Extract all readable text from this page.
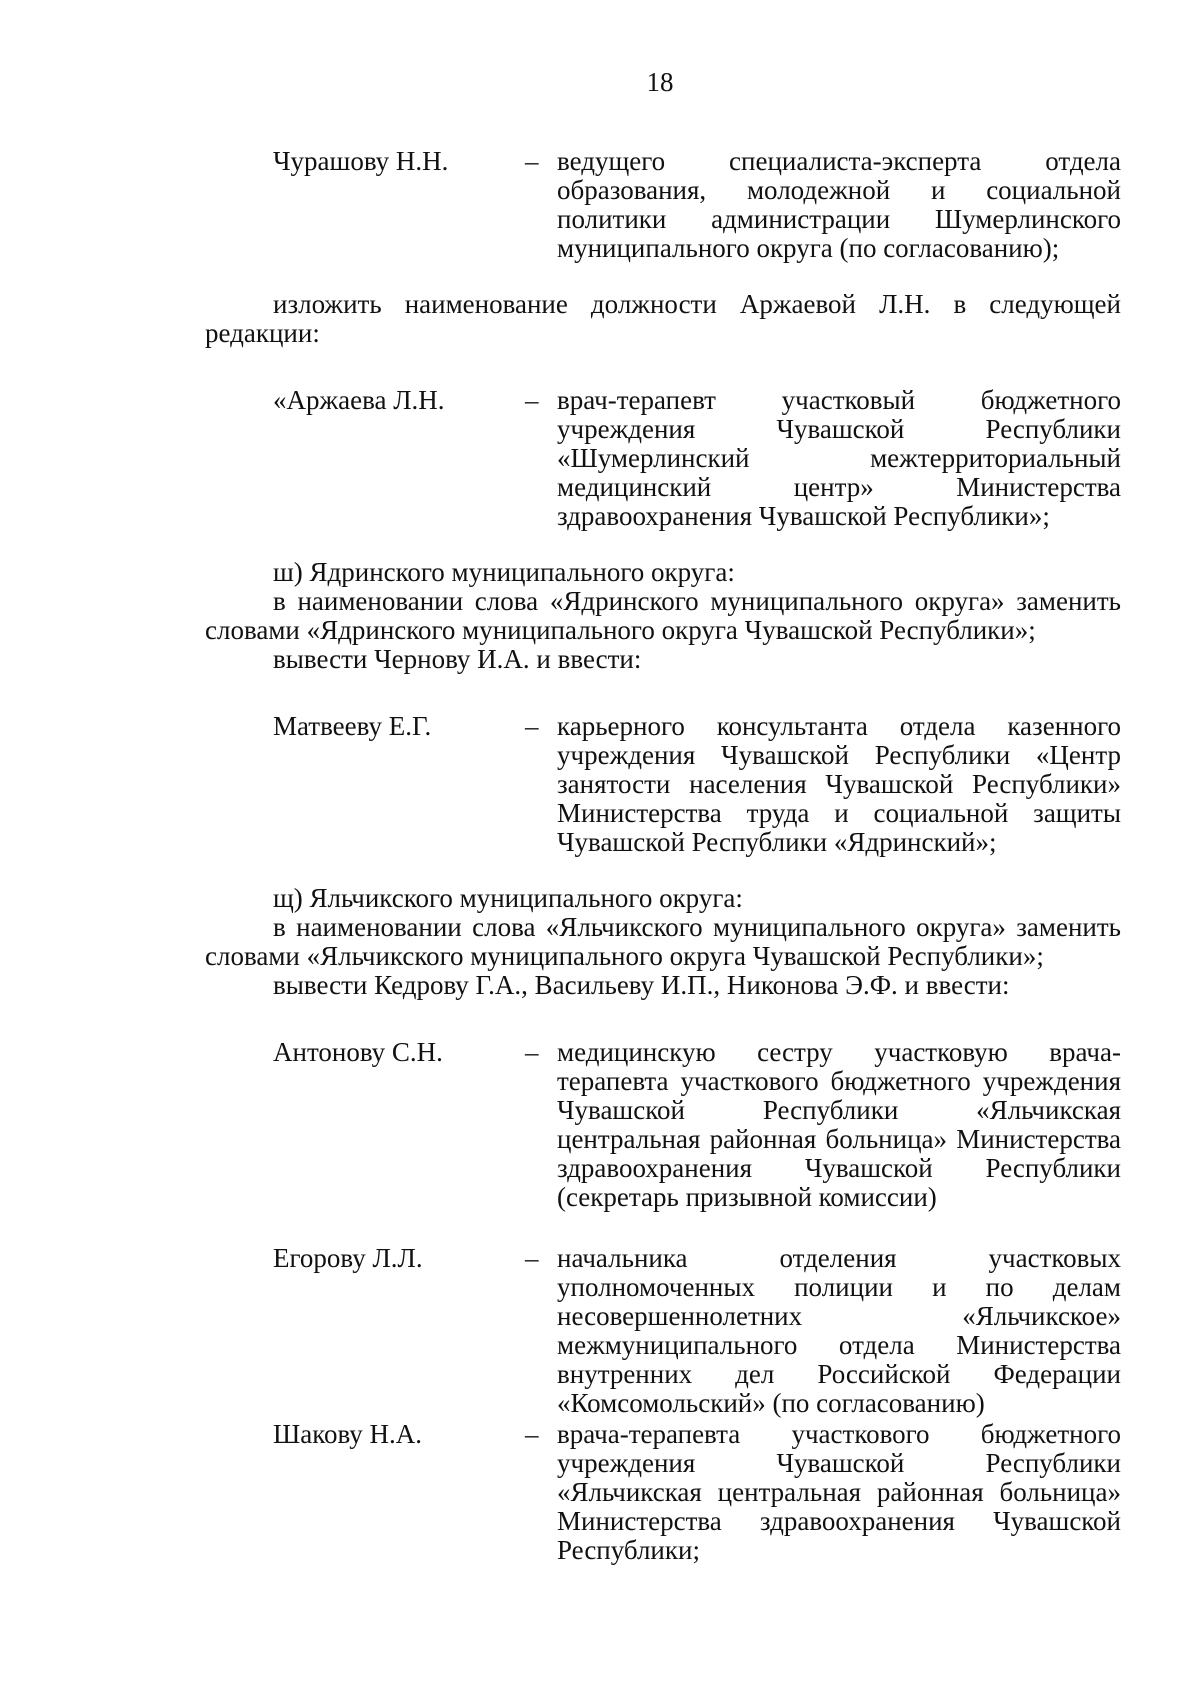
18
Чурашову Н.Н.	– ведущего специалиста-эксперта отдела образования, молодежной и социальной политики администрации Шумерлинского муниципального округа (по согласованию);

изложить наименование должности Аржаевой Л.Н. в следующей редакции:

«Аржаева Л.Н.	– врач-терапевт участковый бюджетного учреждения Чувашской Республики «Шумерлинский межтерриториальный медицинский центр» Министерства здравоохранения Чувашской Республики»;

ш) Ядринского муниципального округа:

в наименовании слова «Ядринского муниципального округа» заменить словами «Ядринского муниципального округа Чувашской Республики»;

вывести Чернову И.А. и ввести:

Матвееву Е.Г.	– карьерного консультанта отдела казенного учреждения Чувашской Республики «Центр занятости населения Чувашской Республики» Министерства труда и социальной защиты Чувашской Республики «Ядринский»;

щ) Яльчикского муниципального округа:

в наименовании слова «Яльчикского муниципального округа» заменить словами «Яльчикского муниципального округа Чувашской Республики»;

вывести Кедрову Г.А., Васильеву И.П., Никонова Э.Ф. и ввести:

Антонову С.Н.	– медицинскую сестру участковую врача-терапевта участкового бюджетного учреждения Чувашской Республики «Яльчикская центральная районная больница» Министерства здравоохранения Чувашской Республики (секретарь призывной комиссии)
Егорову Л.Л.	– начальника отделения участковых уполномоченных полиции и по делам несовершеннолетних «Яльчикское» межмуниципального отдела Министерства внутренних дел Российской Федерации «Комсомольский» (по согласованию)
Шакову Н.А.	– врача-терапевта участкового бюджетного учреждения Чувашской Республики «Яльчикская центральная районная больница» Министерства здравоохранения Чувашской Республики;
